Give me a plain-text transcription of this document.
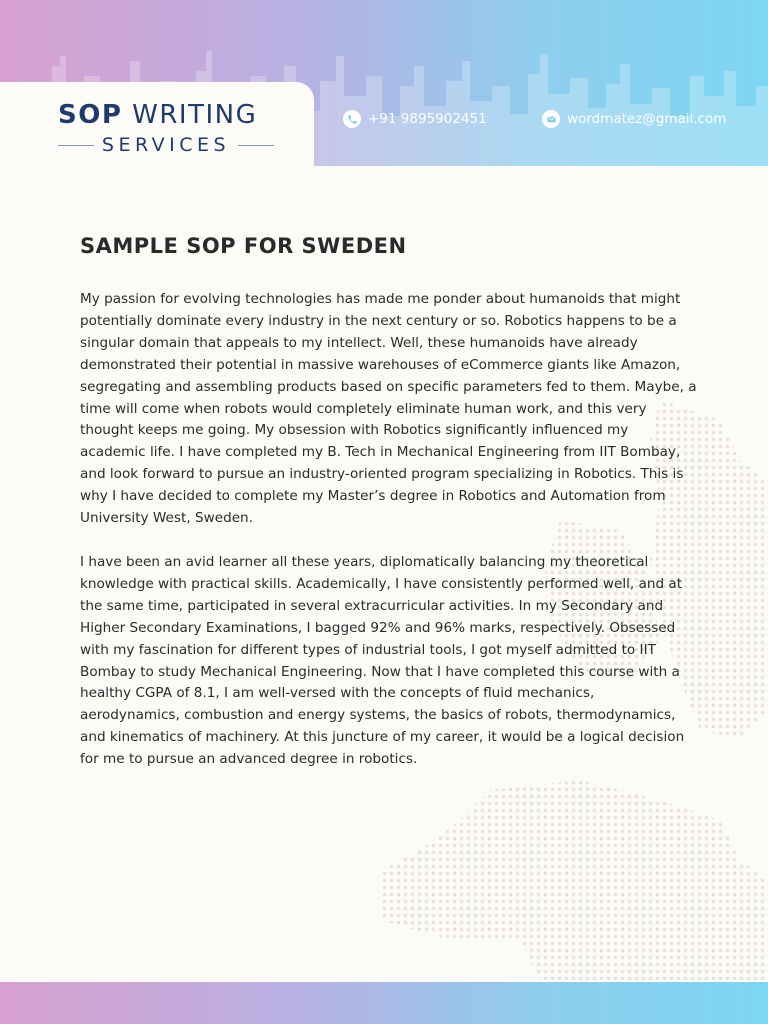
+91 9895902451	wordmatez@gmail.com
SOP WRITING
SERVICES
SAMPLE SOP FOR SWEDEN

My passion for evolving technologies has made me ponder about humanoids that might potentially dominate every industry in the next century or so. Robotics happens to be a singular domain that appeals to my intellect. Well, these humanoids have already demonstrated their potential in massive warehouses of eCommerce giants like Amazon, segregating and assembling products based on specific parameters fed to them. Maybe, a time will come when robots would completely eliminate human work, and this very thought keeps me going. My obsession with Robotics significantly influenced my academic life. I have completed my B. Tech in Mechanical Engineering from IIT Bombay, and look forward to pursue an industry-oriented program specializing in Robotics. This is why I have decided to complete my Master’s degree in Robotics and Automation from University West, Sweden.

I have been an avid learner all these years, diplomatically balancing my theoretical knowledge with practical skills. Academically, I have consistently performed well, and at the same time, participated in several extracurricular activities. In my Secondary and Higher Secondary Examinations, I bagged 92% and 96% marks, respectively. Obsessed with my fascination for different types of industrial tools, I got myself admitted to IIT Bombay to study Mechanical Engineering. Now that I have completed this course with a healthy CGPA of 8.1, I am well-versed with the concepts of fluid mechanics, aerodynamics, combustion and energy systems, the basics of robots, thermodynamics, and kinematics of machinery. At this juncture of my career, it would be a logical decision for me to pursue an advanced degree in robotics.
